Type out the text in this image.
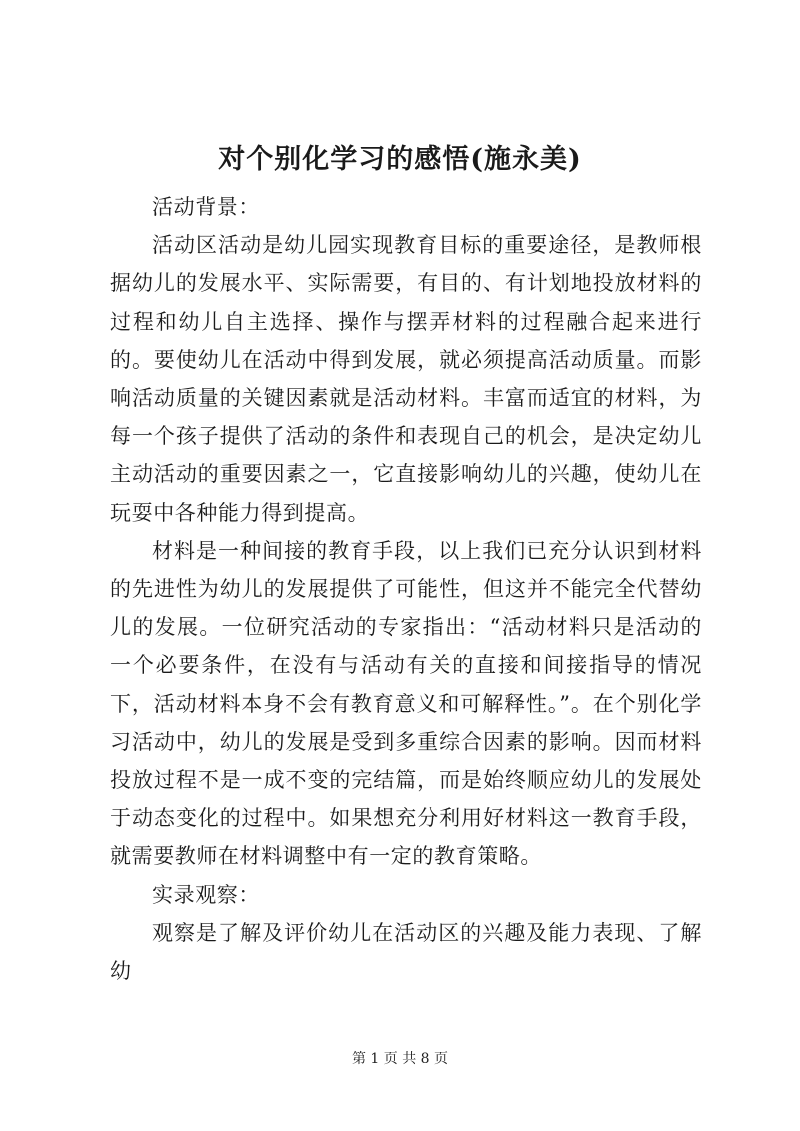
对个别化学习的感悟(施永美)

活动背景：

活动区活动是幼儿园实现教育目标的重要途径，是教师根据幼儿的发展水平、实际需要，有目的、有计划地投放材料的过程和幼儿自主选择、操作与摆弄材料的过程融合起来进行的。要使幼儿在活动中得到发展，就必须提高活动质量。而影响活动质量的关键因素就是活动材料。丰富而适宜的材料，为每一个孩子提供了活动的条件和表现自己的机会，是决定幼儿主动活动的重要因素之一，它直接影响幼儿的兴趣，使幼儿在玩耍中各种能力得到提高。

材料是一种间接的教育手段，以上我们已充分认识到材料的先进性为幼儿的发展提供了可能性，但这并不能完全代替幼儿的发展。一位研究活动的专家指出：“活动材料只是活动的一个必要条件，在没有与活动有关的直接和间接指导的情况下，活动材料本身不会有教育意义和可解释性。”。在个别化学习活动中，幼儿的发展是受到多重综合因素的影响。因而材料投放过程不是一成不变的完结篇，而是始终顺应幼儿的发展处于动态变化的过程中。如果想充分利用好材料这一教育手段，就需要教师在材料调整中有一定的教育策略。

实录观察：

观察是了解及评价幼儿在活动区的兴趣及能力表现、了解幼

第 1 页 共 8 页
